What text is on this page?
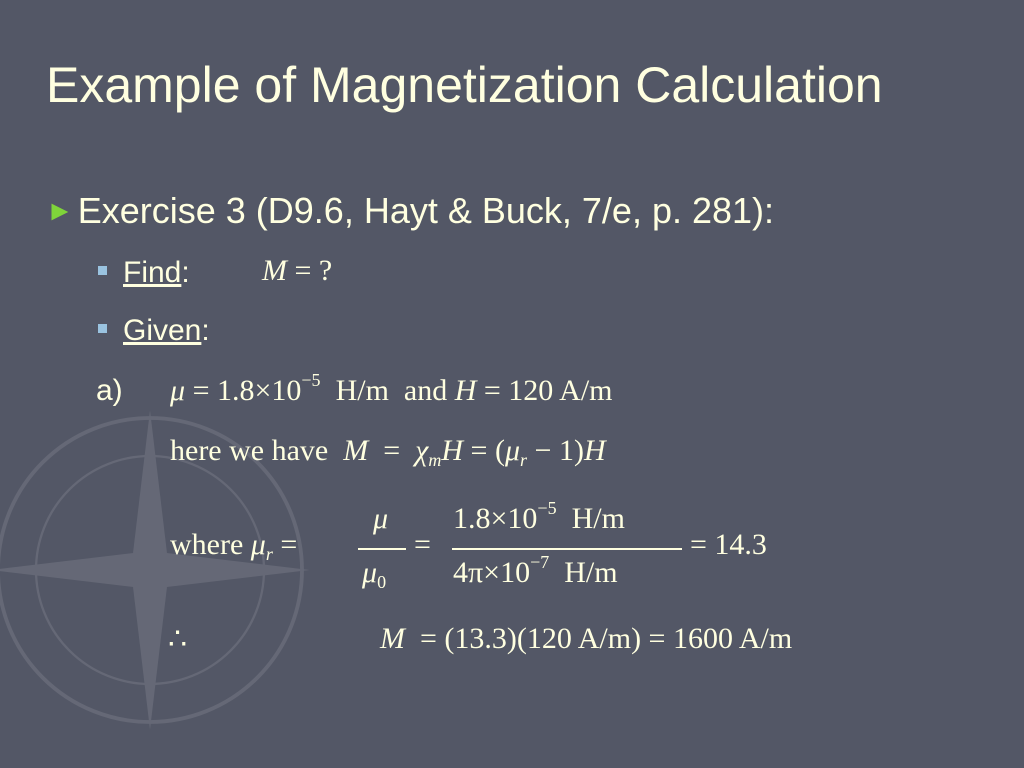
Example of Magnetization Calculation
► Exercise 3 (D9.6, Hayt & Buck, 7/e, p. 281):
Find: M = ?
Given:
a) $\mu = 1.8\times 10^{-5}$  H/m  and H = 120 A/m
here we have  $M = \chi_mH = (\mu_r - 1)H$
where $\mu_r$ =
μ
$\mu_0$
=
$1.8\times 10^{-5}$  H/m
$4\pi\times 10^{-7}$  H/m
= 14.3
∴	M  = (13.3)(120 A/m) = 1600 A/m
